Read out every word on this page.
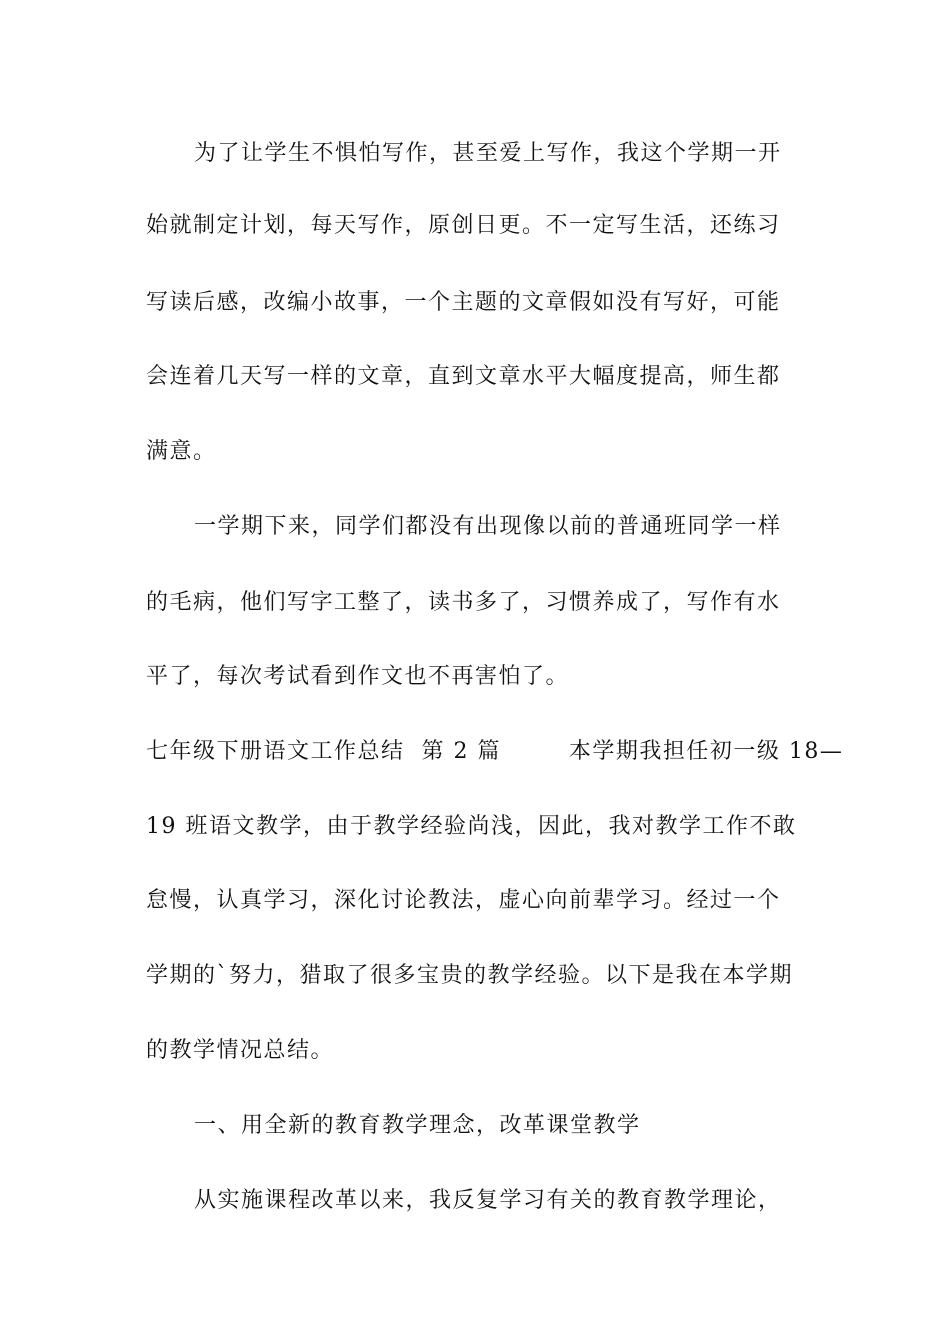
为了让学生不惧怕写作，甚至爱上写作，我这个学期一开
始就制定计划，每天写作，原创日更。不一定写生活，还练习
写读后感，改编小故事，一个主题的文章假如没有写好，可能
会连着几天写一样的文章，直到文章水平大幅度提高，师生都
满意。
一学期下来，同学们都没有出现像以前的普通班同学一样
的毛病，他们写字工整了，读书多了，习惯养成了，写作有水
平了，每次考试看到作文也不再害怕了。
七年级下册语文工作总结  第 2 篇        本学期我担任初一级 18—
19 班语文教学，由于教学经验尚浅，因此，我对教学工作不敢
怠慢，认真学习，深化讨论教法，虚心向前辈学习。经过一个
学期的`努力，猎取了很多宝贵的教学经验。以下是我在本学期
的教学情况总结。
一、用全新的教育教学理念，改革课堂教学
从实施课程改革以来，我反复学习有关的教育教学理论，
